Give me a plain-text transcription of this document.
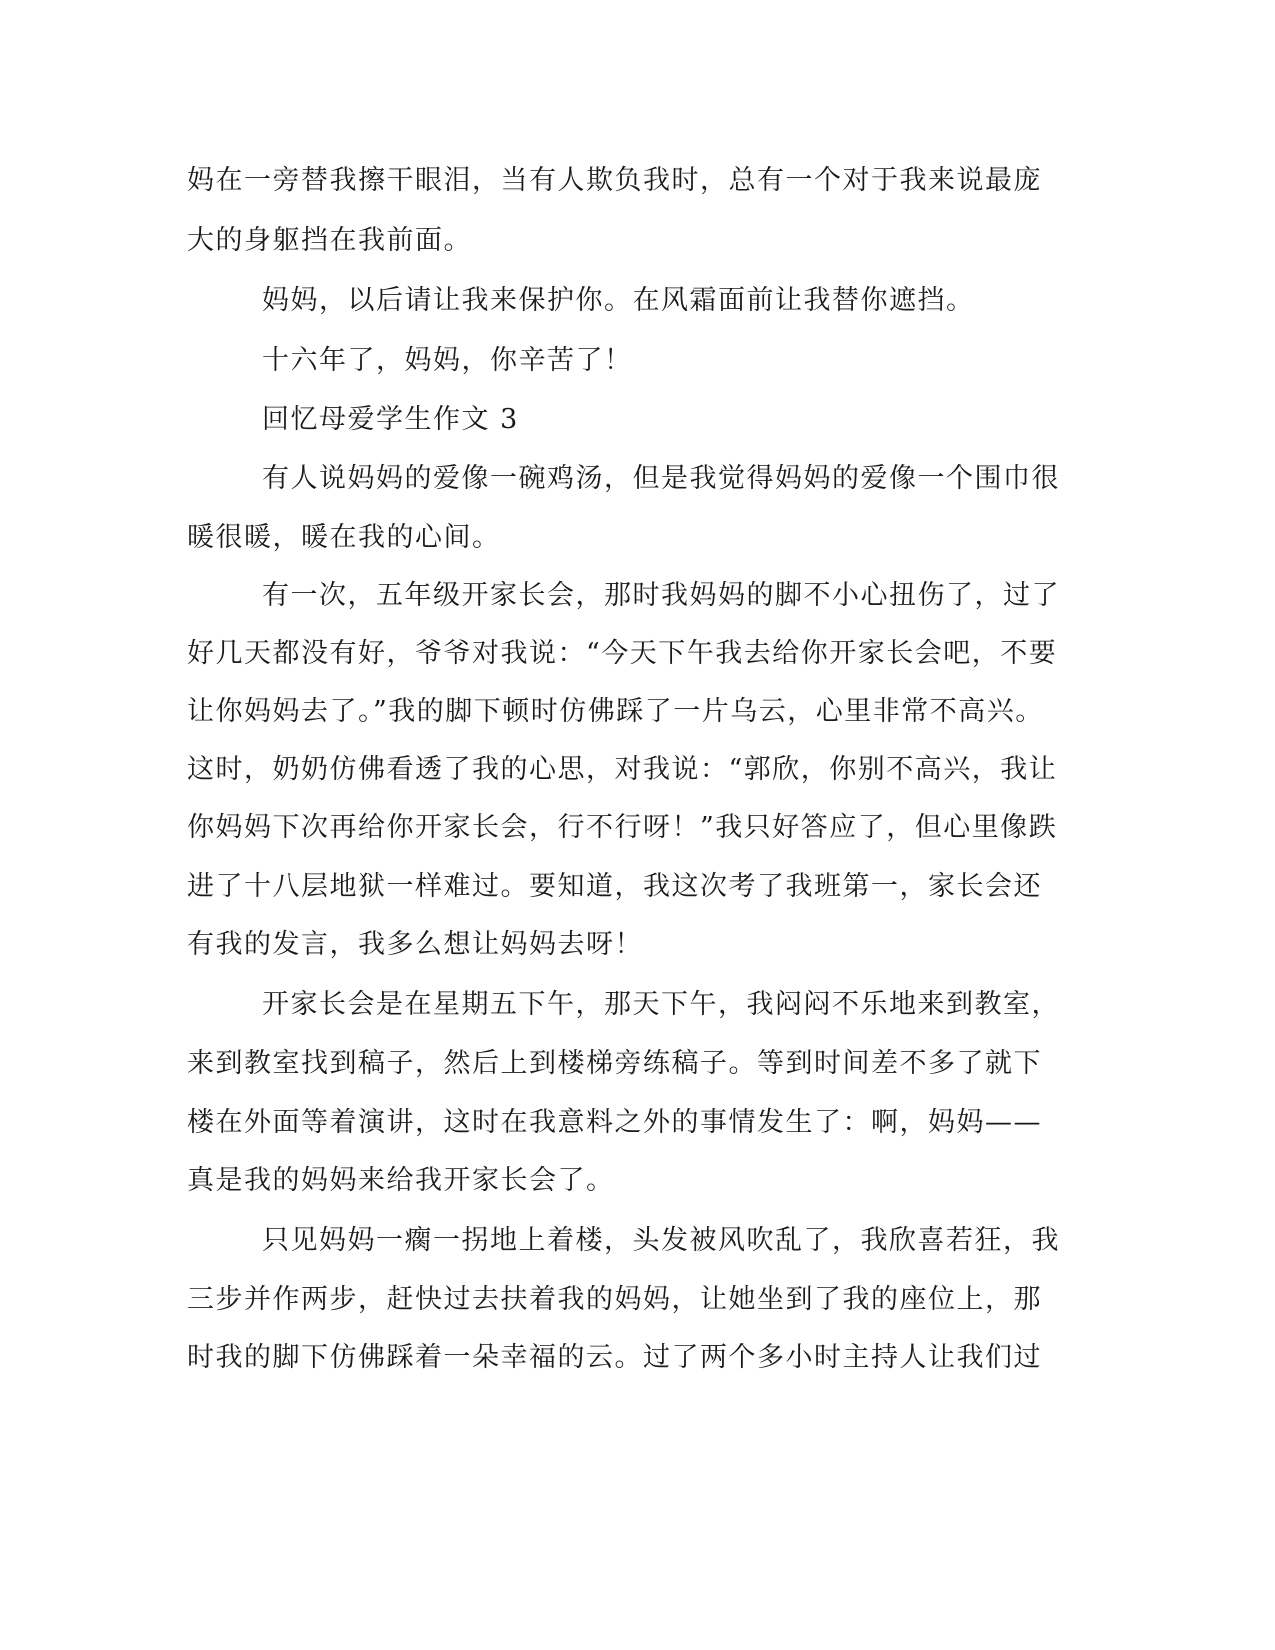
妈在一旁替我擦干眼泪，当有人欺负我时，总有一个对于我来说最庞
大的身躯挡在我前面。
妈妈，以后请让我来保护你。在风霜面前让我替你遮挡。
十六年了，妈妈，你辛苦了！
回忆母爱学生作文 3
有人说妈妈的爱像一碗鸡汤，但是我觉得妈妈的爱像一个围巾很
暖很暖，暖在我的心间。
有一次，五年级开家长会，那时我妈妈的脚不小心扭伤了，过了
好几天都没有好，爷爷对我说：“今天下午我去给你开家长会吧，不要
让你妈妈去了。”我的脚下顿时仿佛踩了一片乌云，心里非常不高兴。
这时，奶奶仿佛看透了我的心思，对我说：“郭欣，你别不高兴，我让
你妈妈下次再给你开家长会，行不行呀！”我只好答应了，但心里像跌
进了十八层地狱一样难过。要知道，我这次考了我班第一，家长会还
有我的发言，我多么想让妈妈去呀！
开家长会是在星期五下午，那天下午，我闷闷不乐地来到教室，
来到教室找到稿子，然后上到楼梯旁练稿子。等到时间差不多了就下
楼在外面等着演讲，这时在我意料之外的事情发生了：啊，妈妈——
真是我的妈妈来给我开家长会了。
只见妈妈一瘸一拐地上着楼，头发被风吹乱了，我欣喜若狂，我
三步并作两步，赶快过去扶着我的妈妈，让她坐到了我的座位上，那
时我的脚下仿佛踩着一朵幸福的云。过了两个多小时主持人让我们过
